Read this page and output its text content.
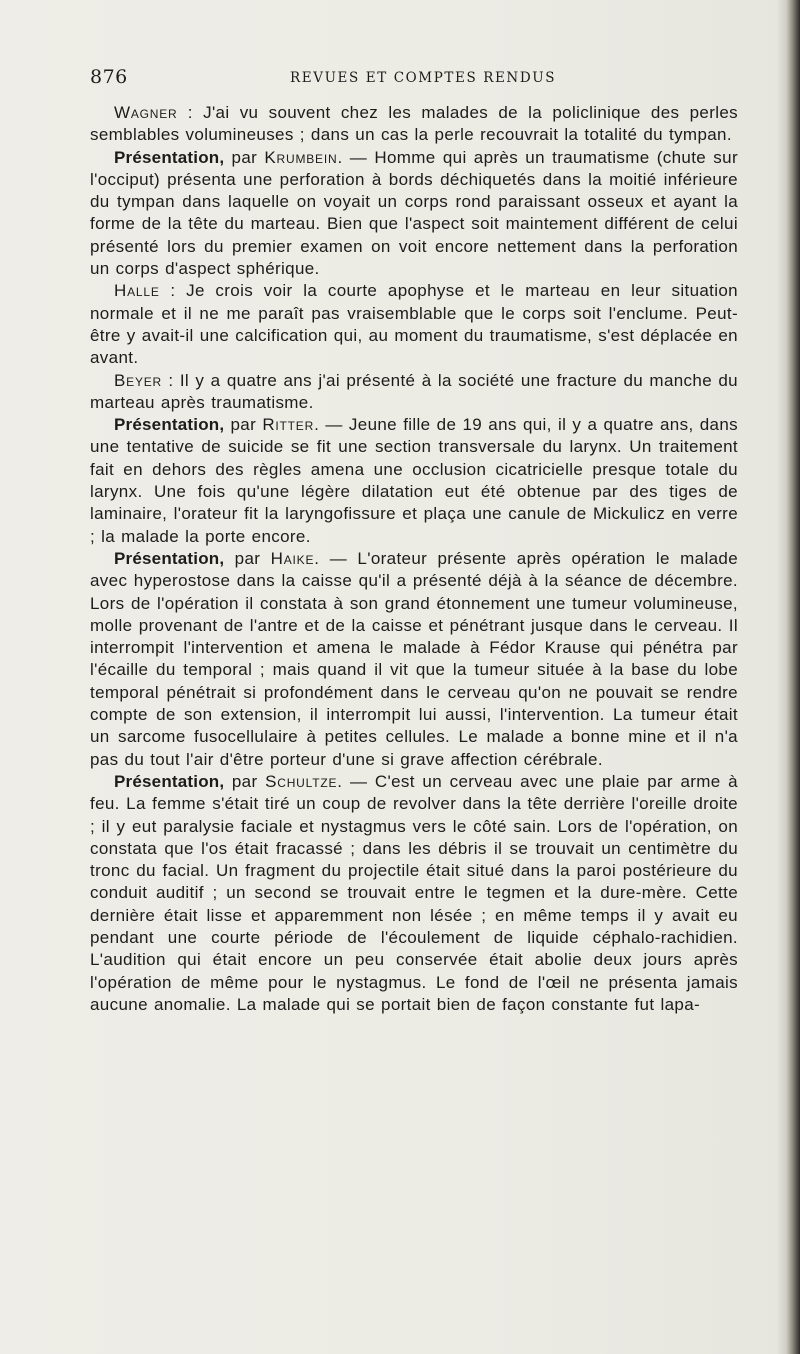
876	REVUES ET COMPTES RENDUS

Wagner : J'ai vu souvent chez les malades de la policlinique des perles semblables volumineuses ; dans un cas la perle recouvrait la totalité du tympan.

Présentation, par Krumbein. — Homme qui après un traumatisme (chute sur l'occiput) présenta une perforation à bords déchiquetés dans la moitié inférieure du tympan dans laquelle on voyait un corps rond paraissant osseux et ayant la forme de la tête du marteau. Bien que l'aspect soit maintement différent de celui présenté lors du premier examen on voit encore nettement dans la perforation un corps d'aspect sphérique.

Halle : Je crois voir la courte apophyse et le marteau en leur situation normale et il ne me paraît pas vraisemblable que le corps soit l'enclume. Peut-être y avait-il une calcification qui, au moment du traumatisme, s'est déplacée en avant.

Beyer : Il y a quatre ans j'ai présenté à la société une fracture du manche du marteau après traumatisme.

Présentation, par Ritter. — Jeune fille de 19 ans qui, il y a quatre ans, dans une tentative de suicide se fit une section transversale du larynx. Un traitement fait en dehors des règles amena une occlusion cicatricielle presque totale du larynx. Une fois qu'une légère dilatation eut été obtenue par des tiges de laminaire, l'orateur fit la laryngofissure et plaça une canule de Mickulicz en verre ; la malade la porte encore.

Présentation, par Haike. — L'orateur présente après opération le malade avec hyperostose dans la caisse qu'il a présenté déjà à la séance de décembre. Lors de l'opération il constata à son grand étonnement une tumeur volumineuse, molle provenant de l'antre et de la caisse et pénétrant jusque dans le cerveau. Il interrompit l'intervention et amena le malade à Fédor Krause qui pénétra par l'écaille du temporal ; mais quand il vit que la tumeur située à la base du lobe temporal pénétrait si profondément dans le cerveau qu'on ne pouvait se rendre compte de son extension, il interrompit lui aussi, l'intervention. La tumeur était un sarcome fusocellulaire à petites cellules. Le malade a bonne mine et il n'a pas du tout l'air d'être porteur d'une si grave affection cérébrale.

Présentation, par Schultze. — C'est un cerveau avec une plaie par arme à feu. La femme s'était tiré un coup de revolver dans la tête derrière l'oreille droite ; il y eut paralysie faciale et nystagmus vers le côté sain. Lors de l'opération, on constata que l'os était fracassé ; dans les débris il se trouvait un centimètre du tronc du facial. Un fragment du projectile était situé dans la paroi postérieure du conduit auditif ; un second se trouvait entre le tegmen et la dure-mère. Cette dernière était lisse et apparemment non lésée ; en même temps il y avait eu pendant une courte période de l'écoulement de liquide céphalo-rachidien. L'audition qui était encore un peu conservée était abolie deux jours après l'opération de même pour le nystagmus. Le fond de l'œil ne présenta jamais aucune anomalie. La malade qui se portait bien de façon constante fut lapa-
